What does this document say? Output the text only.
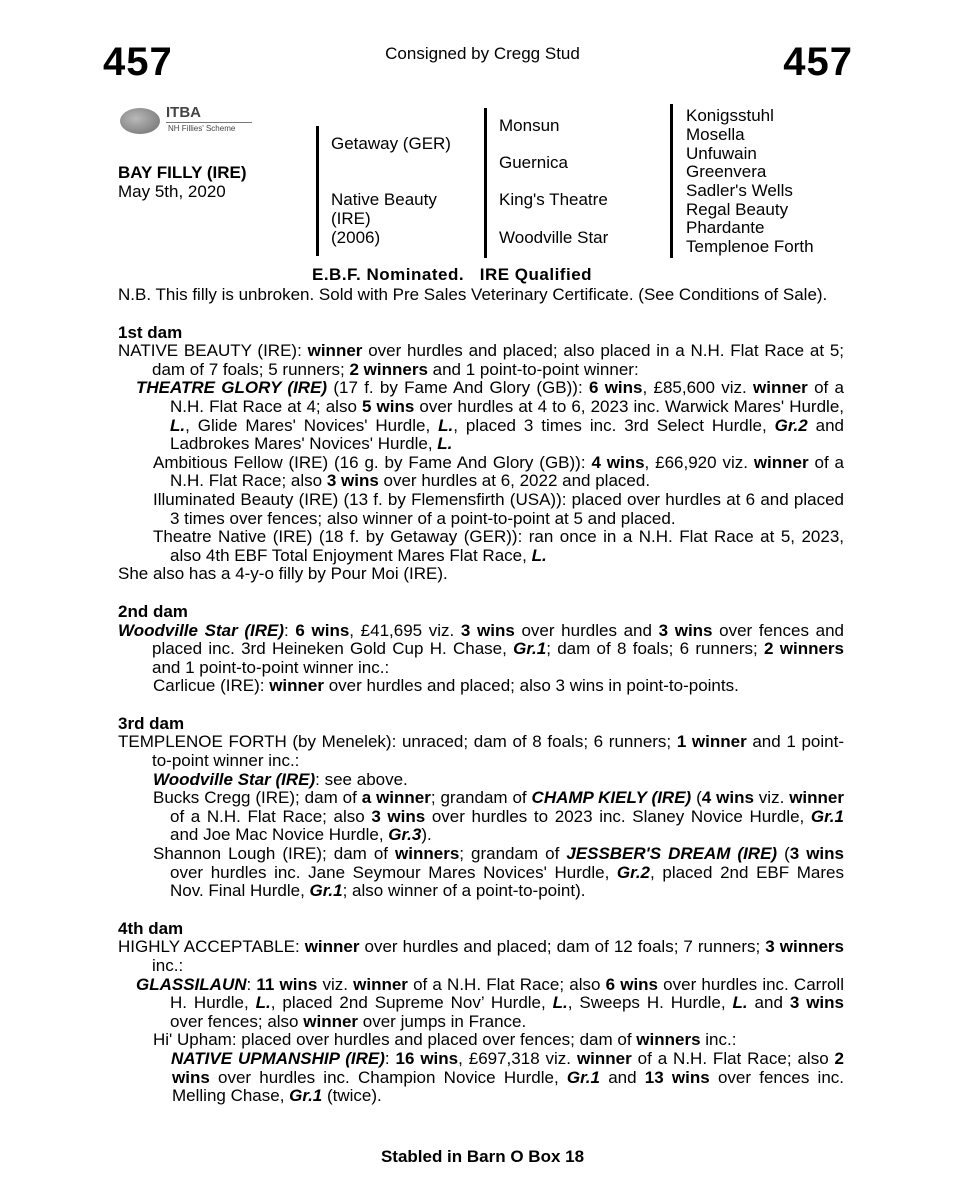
457	Consigned by Cregg Stud	457
ITBA
NH Fillies' Scheme
BAY FILLY (IRE)
May 5th, 2020
Getaway (GER)
Native Beauty
(IRE)
(2006)
Monsun
Guernica
King's Theatre
Woodville Star
Konigsstuhl
Mosella
Unfuwain
Greenvera
Sadler's Wells
Regal Beauty
Phardante
Templenoe Forth
E.B.F. Nominated.   IRE Qualified

N.B. This filly is unbroken. Sold with Pre Sales Veterinary Certificate. (See Conditions of Sale).

1st dam

NATIVE BEAUTY (IRE): winner over hurdles and placed; also placed in a N.H. Flat Race at 5; dam of 7 foals; 5 runners; 2 winners and 1 point-to-point winner:

THEATRE GLORY (IRE) (17 f. by Fame And Glory (GB)): 6 wins, £85,600 viz. winner of a N.H. Flat Race at 4; also 5 wins over hurdles at 4 to 6, 2023 inc. Warwick Mares' Hurdle, L., Glide Mares' Novices' Hurdle, L., placed 3 times inc. 3rd Select Hurdle, Gr.2 and Ladbrokes Mares' Novices' Hurdle, L.

Ambitious Fellow (IRE) (16 g. by Fame And Glory (GB)): 4 wins, £66,920 viz. winner of a N.H. Flat Race; also 3 wins over hurdles at 6, 2022 and placed.

Illuminated Beauty (IRE) (13 f. by Flemensfirth (USA)): placed over hurdles at 6 and placed 3 times over fences; also winner of a point-to-point at 5 and placed.

Theatre Native (IRE) (18 f. by Getaway (GER)): ran once in a N.H. Flat Race at 5, 2023, also 4th EBF Total Enjoyment Mares Flat Race, L.

She also has a 4-y-o filly by Pour Moi (IRE).

2nd dam

Woodville Star (IRE): 6 wins, £41,695 viz. 3 wins over hurdles and 3 wins over fences and placed inc. 3rd Heineken Gold Cup H. Chase, Gr.1; dam of 8 foals; 6 runners; 2 winners and 1 point-to-point winner inc.:

Carlicue (IRE): winner over hurdles and placed; also 3 wins in point-to-points.

3rd dam

TEMPLENOE FORTH (by Menelek): unraced; dam of 8 foals; 6 runners; 1 winner and 1 point-to-point winner inc.:

Woodville Star (IRE): see above.

Bucks Cregg (IRE); dam of a winner; grandam of CHAMP KIELY (IRE) (4 wins viz. winner of a N.H. Flat Race; also 3 wins over hurdles to 2023 inc. Slaney Novice Hurdle, Gr.1 and Joe Mac Novice Hurdle, Gr.3).

Shannon Lough (IRE); dam of winners; grandam of JESSBER'S DREAM (IRE) (3 wins over hurdles inc. Jane Seymour Mares Novices' Hurdle, Gr.2, placed 2nd EBF Mares Nov. Final Hurdle, Gr.1; also winner of a point-to-point).

4th dam

HIGHLY ACCEPTABLE: winner over hurdles and placed; dam of 12 foals; 7 runners; 3 winners inc.:

GLASSILAUN: 11 wins viz. winner of a N.H. Flat Race; also 6 wins over hurdles inc. Carroll H. Hurdle, L., placed 2nd Supreme Nov’ Hurdle, L., Sweeps H. Hurdle, L. and 3 wins over fences; also winner over jumps in France.

Hi' Upham: placed over hurdles and placed over fences; dam of winners inc.:

NATIVE UPMANSHIP (IRE): 16 wins, £697,318 viz. winner of a N.H. Flat Race; also 2 wins over hurdles inc. Champion Novice Hurdle, Gr.1 and 13 wins over fences inc. Melling Chase, Gr.1 (twice).

Stabled in Barn O Box 18
